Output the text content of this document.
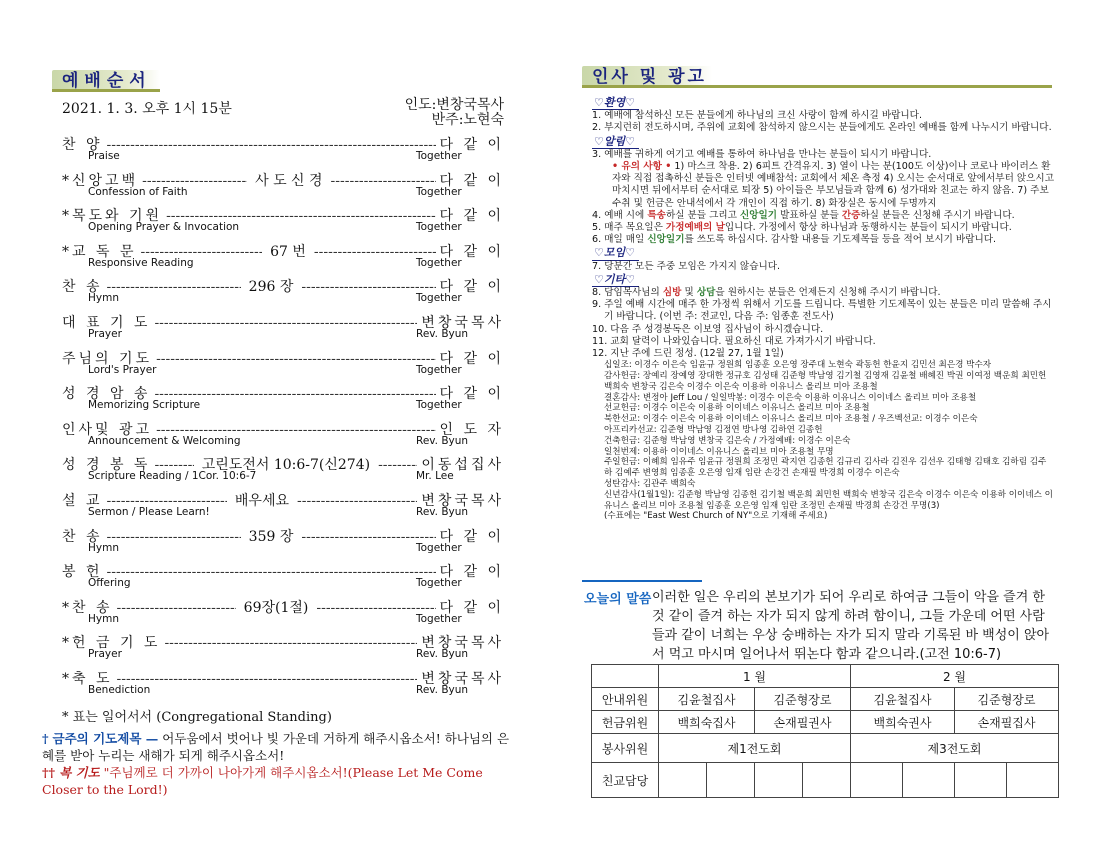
예배순서
2021. 1. 3. 오후 1시 15분	인도:변창국목사
반주:노현숙
찬 양 -----	다 같 이
Praise	Together
*신앙고백 -----	사 도 신 경 -----	다 같 이
Confession of Faith	Together
*목도와 기원 -----	다 같 이
Opening Prayer & Invocation	Together
*교 독 문 -----	67 번 -----	다 같 이
Responsive Reading	Together
찬 송 -----	296 장 -----	다 같 이
Hymn	Together
대 표 기 도 -----	변창국목사
Prayer	Rev. Byun
주님의 기도 -----	다 같 이
Lord's Prayer	Together
성 경 암 송 -----	다 같 이
Memorizing Scripture	Together
인사및 광고 -----	인 도 자
Announcement & Welcoming	Rev. Byun
성 경 봉 독 -----	고린도전서 10:6-7(신274) -----	이동섭집사
Scripture Reading / 1Cor. 10:6-7	Mr. Lee
설 교 -----	배우세요 -----	변창국목사
Sermon / Please Learn!	Rev. Byun
찬 송 -----	359 장 -----	다 같 이
Hymn	Together
봉 헌 -----	다 같 이
Offering	Together
*찬 송 -----	69장(1절) -----	다 같 이
Hymn	Together
*헌 금 기 도 -----	변창국목사
Prayer	Rev. Byun
*축 도 -----	변창국목사
Benediction	Rev. Byun
* 표는 일어서서 (Congregational Standing)
† 금주의 기도제목 — 어두움에서 벗어나 빛 가운데 거하게 해주시옵소서! 하나님의 은혜를 받아 누리는 새해가 되게 해주시옵소서!
†† 복 기도 "주님께로 더 가까이 나아가게 해주시옵소서!(Please Let Me Come Closer to the Lord!)
인사 및 광고
♡환영♡
1. 예배에 참석하신 모든 분들에게 하나님의 크신 사랑이 함께 하시길 바랍니다.
2. 부지런히 전도하시며, 주위에 교회에 참석하지 않으시는 분들에게도 온라인 예배를 함께 나누시기 바랍니다.
♡알림♡
3. 예배를 귀하게 여기고 예배를 통하여 하나님을 만나는 분들이 되시기 바랍니다.
• 유의 사항 • 1) 마스크 착용. 2) 6피트 간격유지. 3) 열이 나는 분(100도 이상)이나 코로나 바이러스 환자와 직접 접촉하신 분들은 인터넷 예배참석: 교회에서 체온 측정 4) 오시는 순서대로 앞에서부터 앉으시고 마치시면 뒤에서부터 순서대로 퇴장 5) 아이들은 부모님들과 함께 6) 성가대와 친교는 하지 않음. 7) 주보 수취 및 헌금은 안내석에서 각 개인이 직접 하기. 8) 화장실은 동시에 두명까지
4. 예배 시에 특송하실 분들 그리고 신앙일기 발표하실 분들 간증하실 분들은 신청해 주시기 바랍니다.
5. 매주 목요일은 가정예배의 날입니다. 가정에서 항상 하나님과 동행하시는 분들이 되시기 바랍니다.
6. 매일 매일 신앙일기를 쓰도록 하십시다. 감사할 내용들 기도제목들 등을 적어 보시기 바랍니다.
♡모임♡
7. 당분간 모든 주중 모임은 가지지 않습니다.
♡기타♡
8. 담임목사님의 심방 및 상담을 원하시는 분들은 언제든지 신청해 주시기 바랍니다.
9. 주일 예배 시간에 매주 한 가정씩 위해서 기도를 드립니다. 특별한 기도제목이 있는 분들은 미리 말씀해 주시기 바랍니다. (이번 주: 전교인, 다음 주: 임종훈 전도사)
10. 다음 주 성경봉독은 이보영 집사님이 하시겠습니다.
11. 교회 달력이 나와있습니다. 필요하신 대로 가져가시기 바랍니다.
12. 지난 주에 드린 정성. (12월 27, 1월 1일)
십일조: 이경수 이은숙 임윤규 정원희 임종훈 오은영 장주대 노현숙 곽동헌 한윤지 김민선 최은경 박수자
감사헌금: 장예리 장예영 장대한 정규호 김성태 김준형 박남영 김기철 김영재 김윤철 배혜진 박권 이여정 백운희 최민헌 백희숙 변창국 김은숙 이경수 이은숙 이용하 이유니스 올리브 미아 조용철
결혼감사: 변정아 Jeff Lou / 일일박봉: 이경수 이은숙 이용하 이유니스 이이네스 올리브 미아 조용철
선교헌금: 이경수 이은숙 이용하 이이네스 이유니스 올리브 미아 조용철
북한선교: 이경수 이은숙 이용하 이이네스 이유니스 올리브 미아 조용철 / 우즈벡선교: 이경수 이은숙
아프리카선교: 김준형 박남영 김정연 방나영 김하연 김종헌
건축헌금: 김준형 박남영 변창국 김은숙 / 가정예배: 이경수 이은숙
일천번제: 이용하 이이네스 이유니스 올리브 미아 조용철 무명
주일헌금: 이혜희 임유주 임윤규 정원희 조정민 곽지연 김종헌 김규리 김사라 김진우 김선우 김태형 김태호 김하림 김주하 김예주 변영희 임종훈 오은영 임재 임란 손강건 손재필 박경희 이경수 이은숙
성탄감사: 김관주 백희숙
신년감사(1월1일): 김준형 박남영 김종헌 김기철 백운희 최민헌 백희숙 변창국 김은숙 이경수 이은숙 이용하 이이네스 이유니스 올리브 미아 조용철 임종훈 오은영 임재 임란 조정민 손재필 박경희 손강건 무명(3)
(수표에는 "East West Church of NY"으로 기재해 주세요)
오늘의 말씀 이러한 일은 우리의 본보기가 되어 우리로 하여금 그들이 악을 즐겨 한 것 같이 즐겨 하는 자가 되지 않게 하려 함이니, 그들 가운데 어떤 사람들과 같이 너희는 우상 숭배하는 자가 되지 말라 기록된 바 백성이 앉아서 먹고 마시며 일어나서 뛰논다 함과 같으니라.(고전 10:6-7)
	1 월				2 월			
안내위원	김윤철집사		김준형장로		김윤철집사		김준형장로	
헌금위원	백희숙집사		손재필권사		백희숙권사		손재필집사	
봉사위원	제1전도회				제3전도회			
친교담당								
